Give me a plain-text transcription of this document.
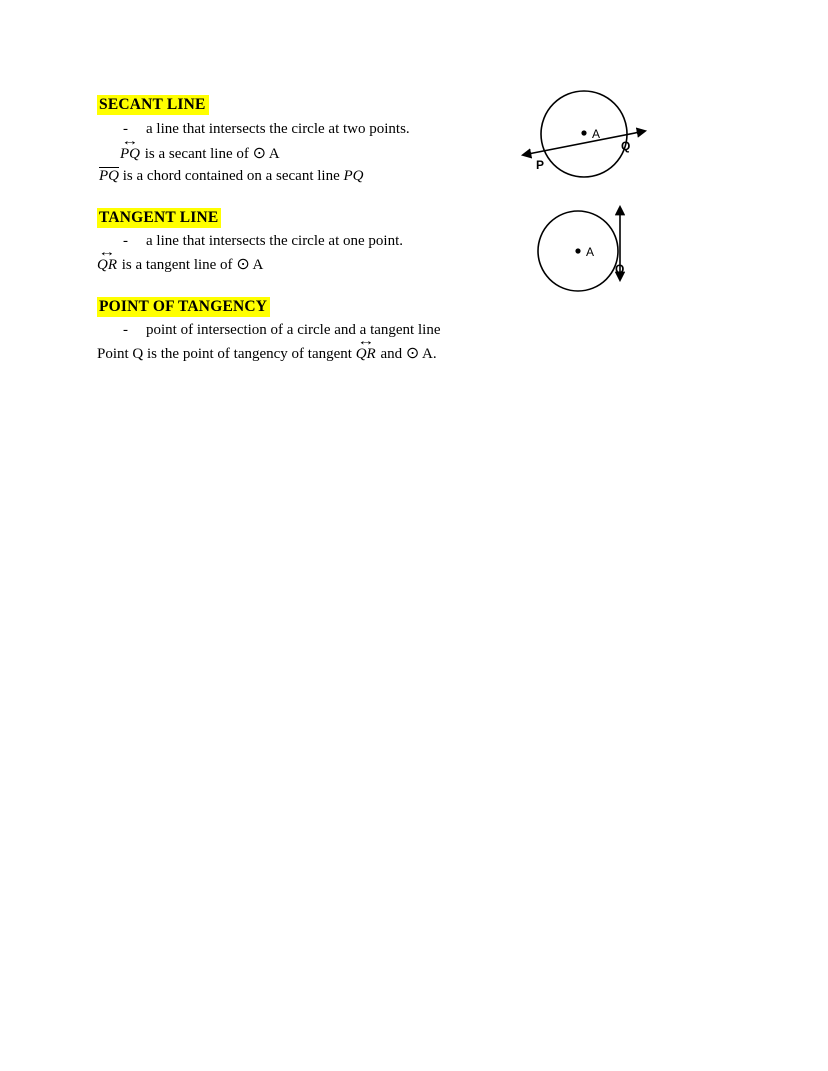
SECANT LINE
- a line that intersects the circle at two points.
↔
PQ is a secant line of ⊙ A
$\overline{PQ}$ is a chord contained on a secant line PQ
TANGENT LINE
- a line that intersects the circle at one point.
↔
QR is a tangent line of ⊙ A
POINT OF TANGENCY
- point of intersection of a circle and a tangent line
Point Q is the point of tangency of tangent
↔
QR and ⊙ A.
A
P
Q
A
Q
